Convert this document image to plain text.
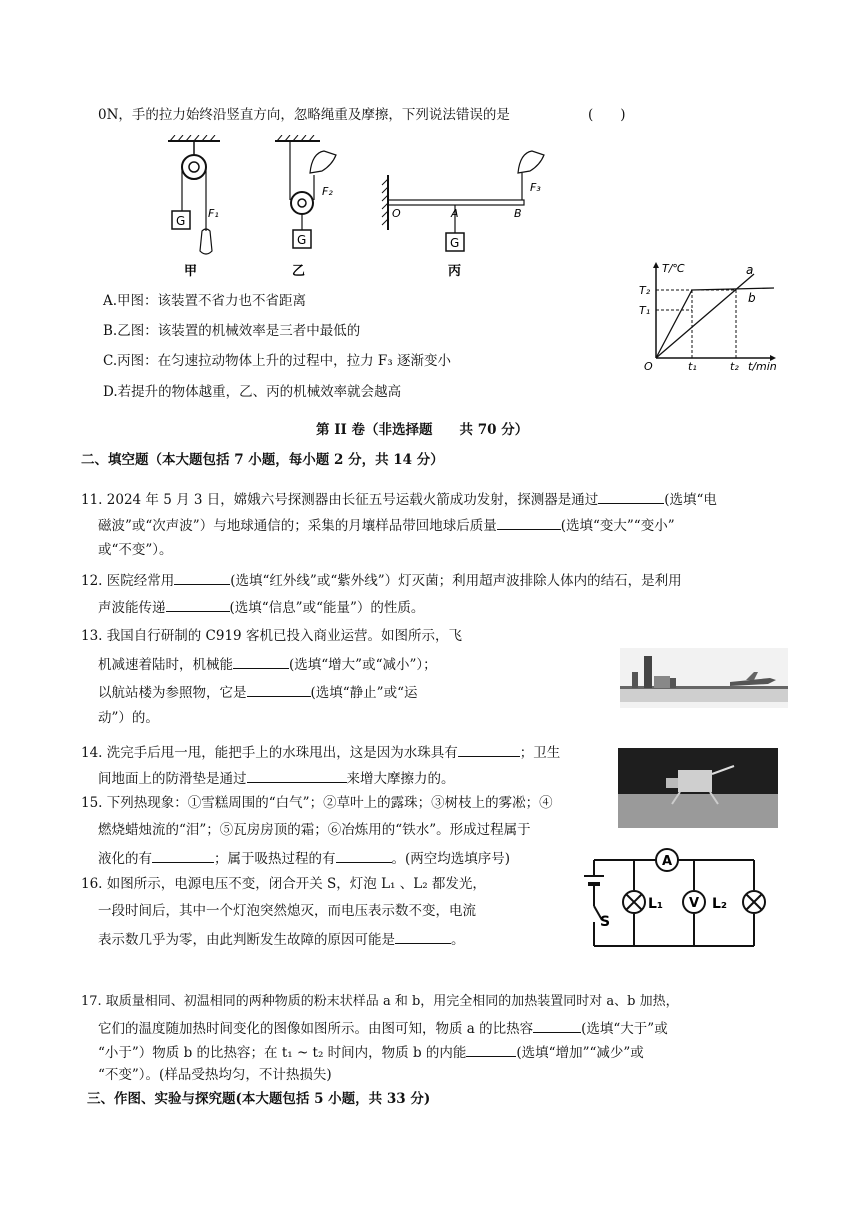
0N，手的拉力始终沿竖直方向，忽略绳重及摩擦，下列说法错误的是	(　　)
G
F₁
甲
G
F₂
乙
G
F₃
O	A	B
丙
A.甲图：该装置不省力也不省距离
B.乙图：该装置的机械效率是三者中最低的
C.丙图：在匀速拉动物体上升的过程中，拉力 F₃ 逐渐变小
D.若提升的物体越重，乙、丙的机械效率就会越高
T/℃
t/min
O
T₁
T₂
t₁	t₂
a
b
第 II 卷（非选择题　　共 70 分）
二、填空题（本大题包括 7 小题，每小题 2 分，共 14 分）
11. 2024 年 5 月 3 日，嫦娥六号探测器由长征五号运载火箭成功发射，探测器是通过	(选填“电
磁波”或“次声波”）与地球通信的；采集的月壤样品带回地球后质量	(选填“变大”“变小”
或“不变”）。
12. 医院经常用	(选填“红外线”或“紫外线”）灯灭菌；利用超声波排除人体内的结石，是利用
声波能传递	(选填“信息”或“能量”）的性质。
13. 我国自行研制的 C919 客机已投入商业运营。如图所示，飞
机减速着陆时，机械能	(选填“增大”或“减小”）；
以航站楼为参照物，它是	(选填“静止”或“运
动”）的。
14. 洗完手后甩一甩，能把手上的水珠甩出，这是因为水珠具有	；卫生
间地面上的防滑垫是通过	来增大摩擦力的。
15. 下列热现象：①雪糕周围的“白气”；②草叶上的露珠；③树枝上的雾凇；④
燃烧蜡烛流的“泪”；⑤瓦房房顶的霜；⑥冶炼用的“铁水”。形成过程属于
液化的有	；属于吸热过程的有	。(两空均选填序号)
S
A
L₁ V L₂
16. 如图所示，电源电压不变，闭合开关 S，灯泡 L₁ 、L₂ 都发光，
一段时间后，其中一个灯泡突然熄灭，而电压表示数不变，电流
表示数几乎为零，由此判断发生故障的原因可能是	。
17. 取质量相同、初温相同的两种物质的粉末状样品 a 和 b，用完全相同的加热装置同时对 a、b 加热，
它们的温度随加热时间变化的图像如图所示。由图可知，物质 a 的比热容	(选填“大于”或
“小于”）物质 b 的比热容；在 t₁ ~ t₂ 时间内，物质 b 的内能	(选填“增加”“减少”或
“不变”）。(样品受热均匀，不计热损失)
三、作图、实验与探究题(本大题包括 5 小题，共 33 分)
